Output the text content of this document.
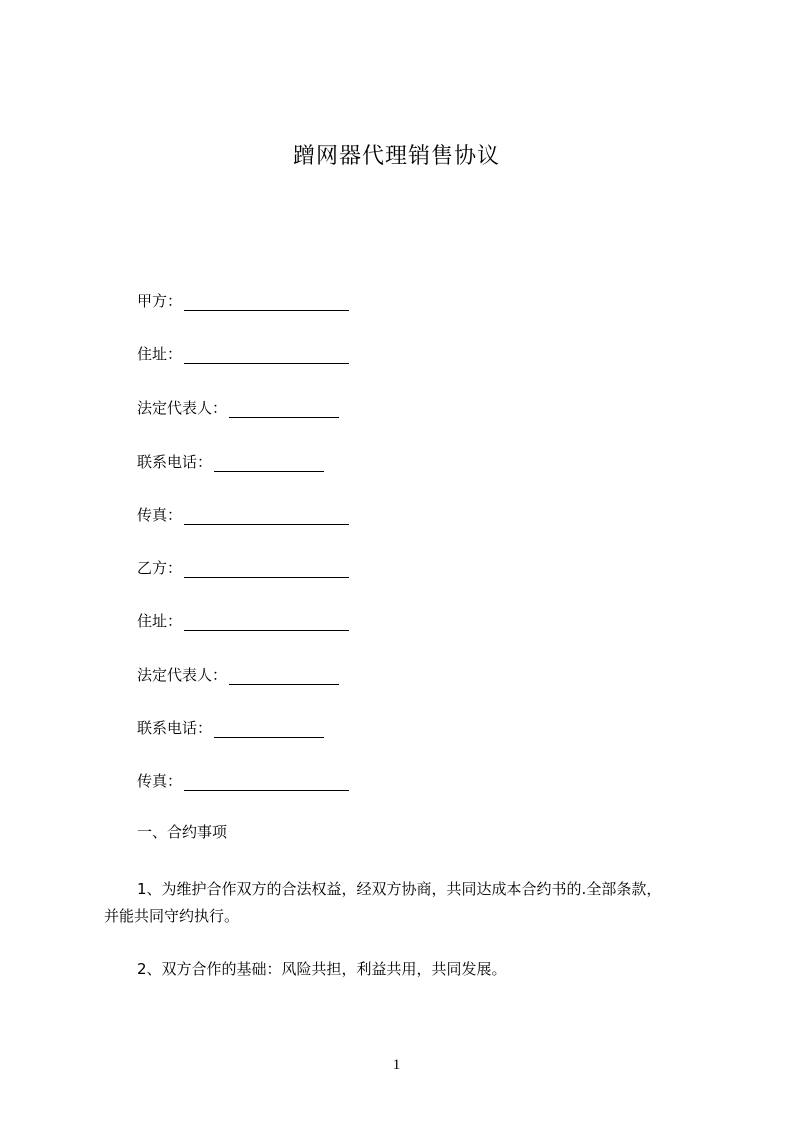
蹭网器代理销售协议
甲方：
住址：
法定代表人：
联系电话：
传真：
乙方：
住址：
法定代表人：
联系电话：
传真：
一、合约事项
1、为维护合作双方的合法权益，经双方协商，共同达成本合约书的.全部条款，
并能共同守约执行。
2、双方合作的基础：风险共担，利益共用，共同发展。
1
